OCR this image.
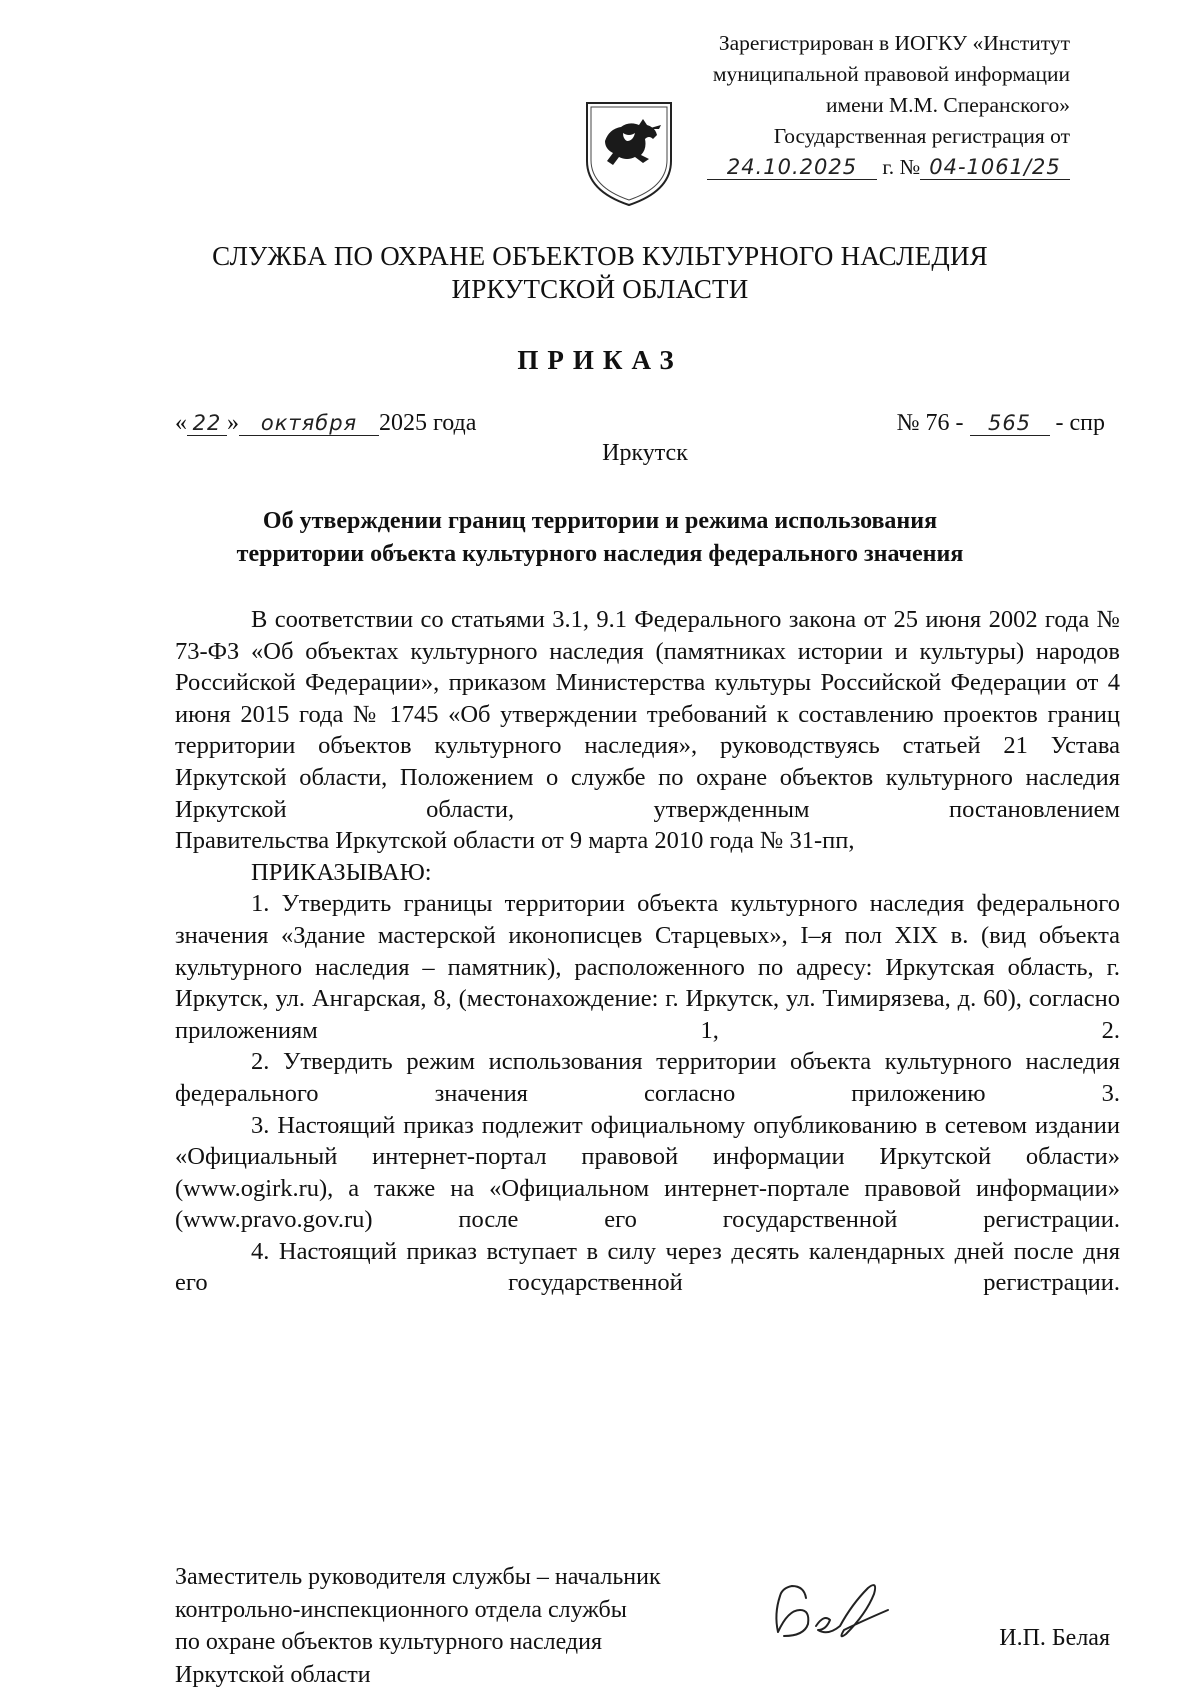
Зарегистрирован в ИОГКУ «Институт
муниципальной правовой информации
имени М.М. Сперанского»
Государственная регистрация от
24.10.2025 г. № 04-1061/25
СЛУЖБА ПО ОХРАНЕ ОБЪЕКТОВ КУЛЬТУРНОГО НАСЛЕДИЯ
ИРКУТСКОЙ ОБЛАСТИ
ПРИКАЗ
« 22 » октября 2025 года	№ 76 - 565 - спр
Иркутск
Об утверждении границ территории и режима использования
территории объекта культурного наследия федерального значения

В соответствии со статьями 3.1, 9.1 Федерального закона от 25 июня 2002 года № 73-ФЗ «Об объектах культурного наследия (памятниках истории и культуры) народов Российской Федерации», приказом Министерства культуры Российской Федерации от 4 июня 2015 года № 1745 «Об утверждении требований к составлению проектов границ территории объектов культурного наследия», руководствуясь статьей 21 Устава Иркутской области, Положением о службе по охране объектов культурного наследия Иркутской области, утвержденным постановлением

Правительства Иркутской области от 9 марта 2010 года № 31-пп,

ПРИКАЗЫВАЮ:

1. Утвердить границы территории объекта культурного наследия федерального значения «Здание мастерской иконописцев Старцевых», I–я пол XIX в. (вид объекта культурного наследия – памятник), расположенного по адресу: Иркутская область, г. Иркутск, ул. Ангарская, 8, (местонахождение: г. Иркутск, ул. Тимирязева, д. 60), согласно приложениям 1, 2.

2. Утвердить режим использования территории объекта культурного наследия федерального значения согласно приложению 3.

3. Настоящий приказ подлежит официальному опубликованию в сетевом издании «Официальный интернет-портал правовой информации Иркутской области» (www.ogirk.ru), а также на «Официальном интернет-портале правовой информации» (www.pravo.gov.ru) после его государственной регистрации.

4. Настоящий приказ вступает в силу через десять календарных дней после дня его государственной регистрации.

Заместитель руководителя службы – начальник
контрольно-инспекционного отдела службы
по охране объектов культурного наследия
Иркутской области
И.П. Белая
